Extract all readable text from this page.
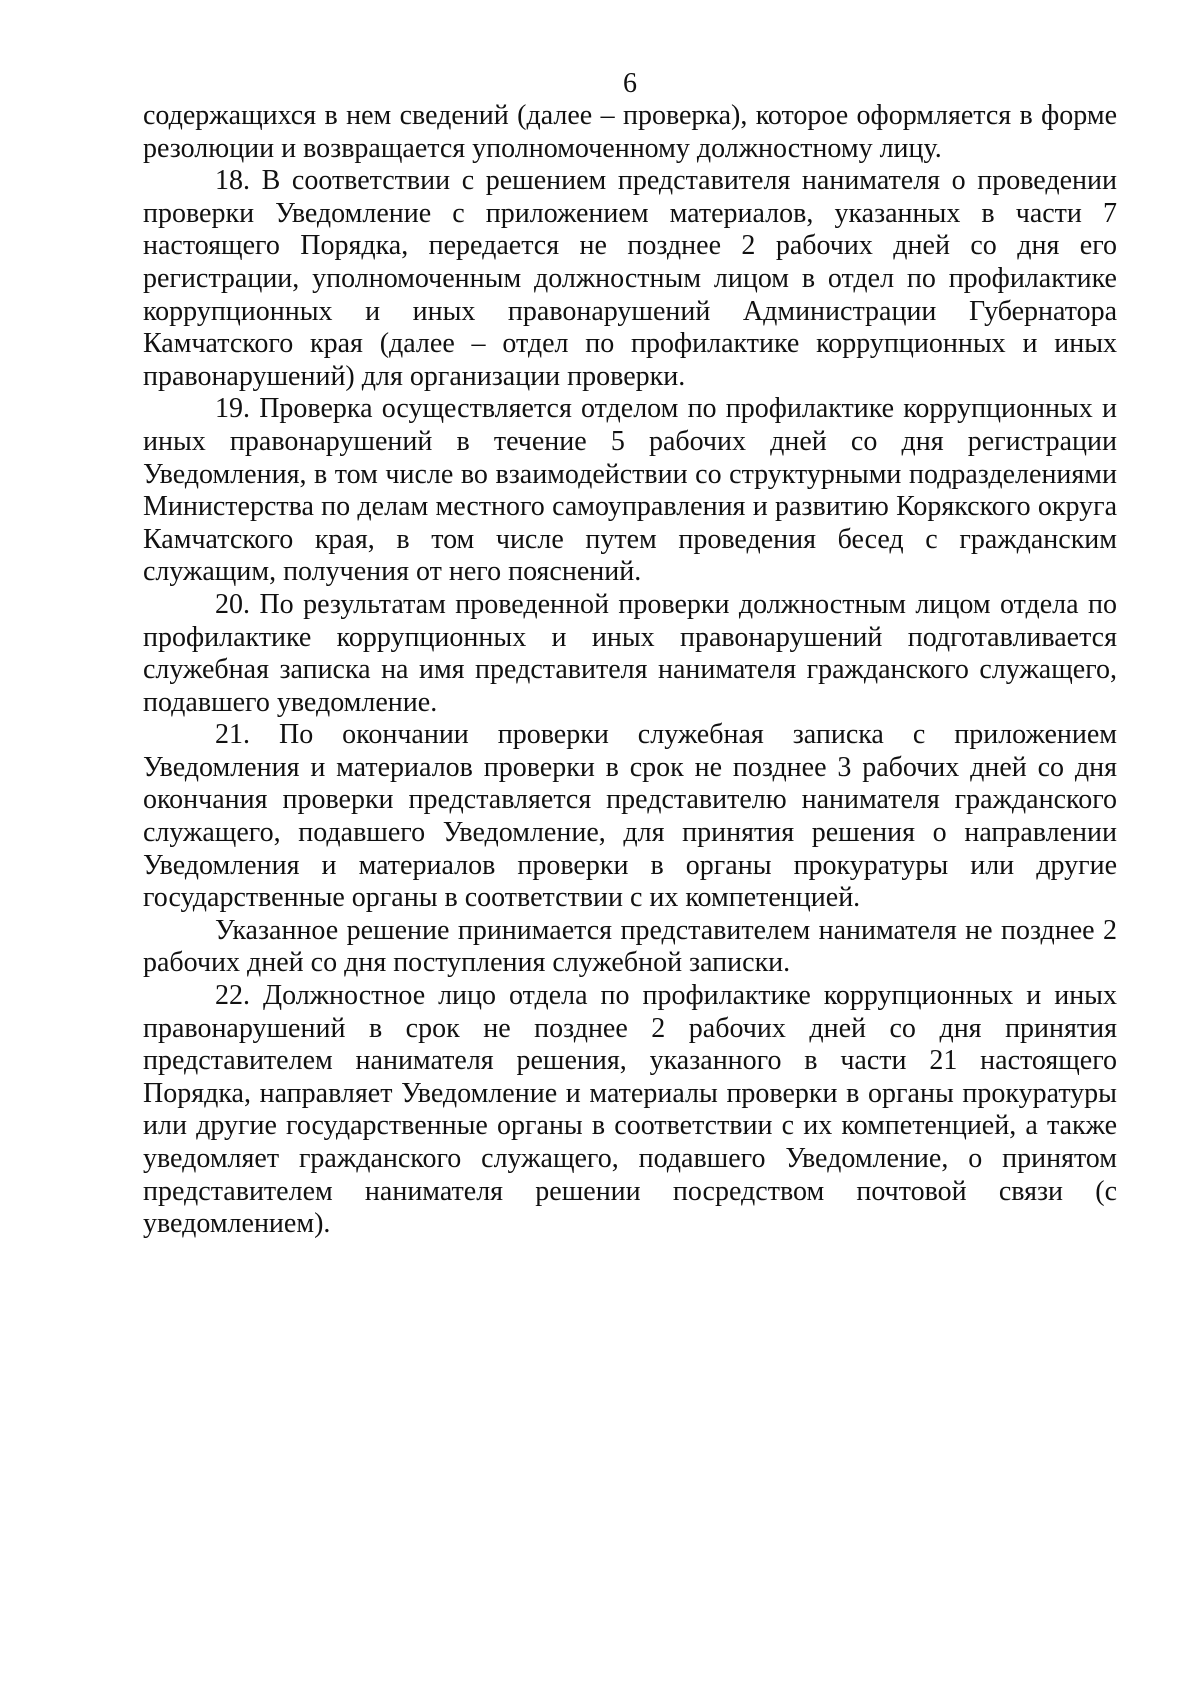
6

содержащихся в нем сведений (далее – проверка), которое оформляется в форме резолюции и возвращается уполномоченному должностному лицу.

18. В соответствии с решением представителя нанимателя о проведении проверки Уведомление с приложением материалов, указанных в части 7 настоящего Порядка, передается не позднее 2 рабочих дней со дня его регистрации, уполномоченным должностным лицом в отдел по профилактике коррупционных и иных правонарушений Администрации Губернатора Камчатского края (далее – отдел по профилактике коррупционных и иных правонарушений) для организации проверки.

19. Проверка осуществляется отделом по профилактике коррупционных и иных правонарушений в течение 5 рабочих дней со дня регистрации Уведомления, в том числе во взаимодействии со структурными подразделениями Министерства по делам местного самоуправления и развитию Корякского округа Камчатского края, в том числе путем проведения бесед с гражданским служащим, получения от него пояснений.

20. По результатам проведенной проверки должностным лицом отдела по профилактике коррупционных и иных правонарушений подготавливается служебная записка на имя представителя нанимателя гражданского служащего, подавшего уведомление.

21. По окончании проверки служебная записка с приложением Уведомления и материалов проверки в срок не позднее 3 рабочих дней со дня окончания проверки представляется представителю нанимателя гражданского служащего, подавшего Уведомление, для принятия решения о направлении Уведомления и материалов проверки в органы прокуратуры или другие государственные органы в соответствии с их компетенцией.

Указанное решение принимается представителем нанимателя не позднее 2 рабочих дней со дня поступления служебной записки.

22. Должностное лицо отдела по профилактике коррупционных и иных правонарушений в срок не позднее 2 рабочих дней со дня принятия представителем нанимателя решения, указанного в части 21 настоящего Порядка, направляет Уведомление и материалы проверки в органы прокуратуры или другие государственные органы в соответствии с их компетенцией, а также уведомляет гражданского служащего, подавшего Уведомление, о принятом представителем нанимателя решении посредством почтовой связи (с уведомлением).
